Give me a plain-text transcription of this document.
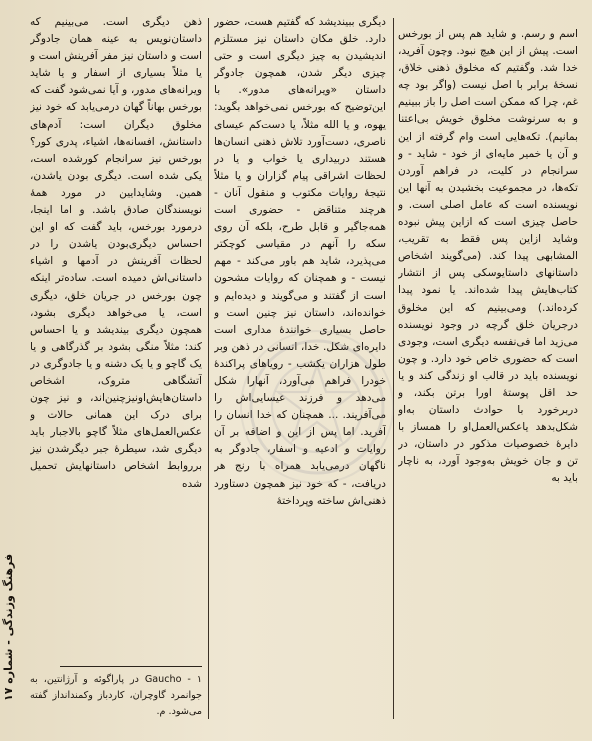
اسم و رسم. و شاید هم پس از بورخس است. پیش از این هیچ نبود. وچون آفرید، خدا شد. وگفتیم که مخلوق ذهنی خلاق، نسخهٔ برابر با اصل نیست (واگر بود چه غم، چرا که ممکن است اصل را باز ببینیم و به سرنوشت مخلوق خویش بی‌اعتنا بمانیم). تکه‌هایی است وام گرفته از این و آن یا خمیر مایه‌ای از خود - شاید - و سرانجام در کلیت، در فراهم آوردن تکه‌ها، در مجموعیت بخشیدن به آنها این نویسنده است که عامل اصلی است. و حاصل چیزی است که ازاین پیش نبوده وشاید ازاین پس فقط به تقریب، المشابهی پیدا کند. (می‌گویند اشخاص داستانهای داستایوسکی پس از انتشار کتاب‌هایش پیدا شده‌اند. یا نمود پیدا کرده‌اند.) ومی‌بینیم که این مخلوق درجریان خلق گرچه در وجود نویسنده می‌زید اما فی‌نفسه دیگری است، وجودی است که حضوری خاص خود دارد. و چون نویسنده باید در قالب او زندگی کند و یا حد اقل پوستهٔ اورا برتن بکند، و دربرخورد با حوادث داستان به‌او شکل‌بدهد یاعکس‌العمل‌او را همساز با دایرهٔ خصوصیات مذکور در داستان، در تن و جان خویش به‌وجود آورد، به ناچار باید به

دیگری ببیندیشد که گفتیم هست، حضور دارد. خلق مکان داستان نیز مستلزم اندیشیدن به چیز دیگری است و حتی چیزی دیگر شدن، همچون جادوگر داستان «ویرانه‌های مدور». با این‌توضیح که بورخس نمی‌خواهد بگوید: یهوه، و یا الله مثلاً، یا دست‌کم عیسای ناصری، دست‌آورد تلاش ذهنی انسان‌ها هستند دربیداری یا خواب و یا در لحظات اشراقی پیام گزاران و یا مثلاً نتیجهٔ روایات مکتوب و منقول آنان - هرچند متناقض - حضوری است همه‌جاگیر و قابل طرح، بلکه آن روی سکه را آنهم در مقیاسی کوچکتر می‌پذیرد، شاید هم باور می‌کند - مهم نیست - و همچنان که روایات مشحون است از گفتند و می‌گویند و دیده‌ایم و خوانده‌اند، داستان نیز چنین است و حاصل بسیاری خوانندهٔ مداری است دایره‌ای شکل. خدا، انسانی در ذهن وبر طول هزاران یکشب - رویاهای پراکندهٔ خودرا فراهم می‌آورد، آنهارا شکل می‌دهد و فرزند عیسایی‌اش را می‌آفریند. ... همچنان که خدا انسان را آفرید. اما پس از این و اضافه بر آن روایات و ادعیه و اسفار، جادوگر به ناگهان درمی‌یابد همراه با رنج هر دریافت، - که خود نیز همچون دستاورد ذهنی‌اش ساخته وپرداختهٔ

ذهن دیگری است. می‌بینیم که داستان‌نویس به عینه همان جادوگر است و داستان نیز مفر آفرینش است و یا مثلاً بسیاری از اسفار و یا شاید ویرانه‌های مدور، و آیا نمی‌شود گفت که بورخس بهاناً گهان درمی‌یابد که خود نیز مخلوق دیگران است: آدم‌های داستانش، افسانه‌ها، اشیاء، پدری کور؟ بورخس نیز سرانجام کورشده است، یکی شده است. دیگری بودن یاشدن، همین. وشایدایین در مورد همهٔ نویسندگان صادق باشد. و اما اینجا، درمورد بورخس، باید گفت که او این احساس دیگری‌بودن‌ یا‌شدن را در لحظات آفرینش در آدمها و اشیاء داستانی‌اش دمیده است. ساده‌تر اینکه چون بورخس در جریان خلق، دیگری است، یا می‌خواهد دیگری بشود، همچون دیگری بیندیشد و یا احساس کند: مثلاً منگی بشود بر گذرگاهی و یا یک گاچو و یا یک دشنه و یا جادوگری در آتشگاهی متروک، اشخاص داستان‌هایش‌اونیزچنین‌اند، و نیز چون برای درک این همانی حالات و عکس‌العمل‌های مثلاً گاچو بالاجبار باید دیگری شد، سیطرهٔ جبر دیگرشدن نیز بررو‌ابط اشخاص داستانهایش تحمیل شده

۱ - Gaucho در پاراگوئه و آرژانتین، به جوانمرد گاوچران، کاردباز وکمندانداز گفته می‌شود. م.
فرهنگ وزندگی - شماره ۱۷
